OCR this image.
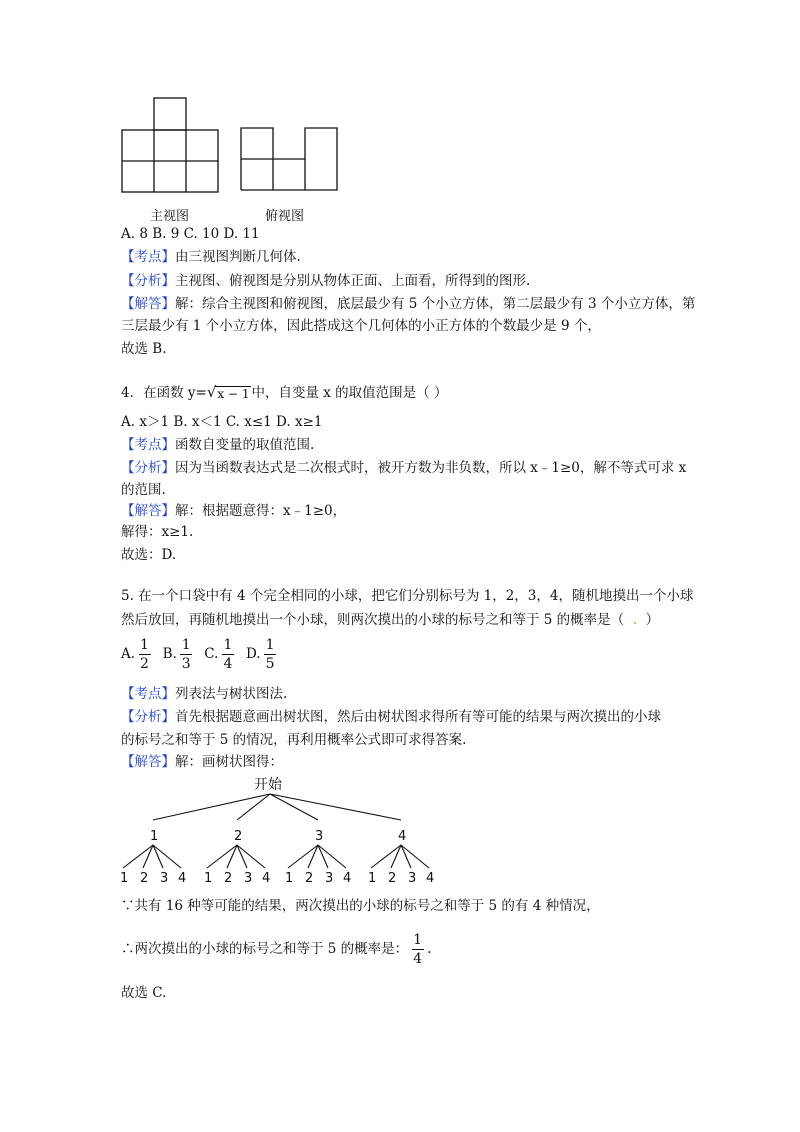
主视图	俯视图
A. 8 B. 9 C. 10 D. 11
【考点】由三视图判断几何体.
【分析】主视图、俯视图是分别从物体正面、上面看，所得到的图形.
【解答】解：综合主视图和俯视图，底层最少有 5 个小立方体，第二层最少有 3 个小立方体，第
三层最少有 1 个小立方体，因此搭成这个几何体的小正方体的个数最少是 9 个，
故选 B.
4．在函数 y=√x − 1 中，自变量 x 的取值范围是（ ）
A. x＞1 B. x＜1 C. x≤1 D. x≥1
【考点】函数自变量的取值范围.
【分析】因为当函数表达式是二次根式时，被开方数为非负数，所以 x﹣1≥0，解不等式可求 x
的范围.
【解答】解：根据题意得：x﹣1≥0，
解得：x≥1.
故选：D.
5. 在一个口袋中有 4 个完全相同的小球，把它们分别标号为 1，2，3，4，随机地摸出一个小球
然后放回，再随机地摸出一个小球，则两次摸出的小球的标号之和等于 5 的概率是（  .  ）
A. $\frac{1}{2} B$. $\frac{1}{3} C$. $\frac{1}{4} D$. $\frac{1}{5}$
【考点】列表法与树状图法.
【分析】首先根据题意画出树状图，然后由树状图求得所有等可能的结果与两次摸出的小球
的标号之和等于 5 的情况，再利用概率公式即可求得答案.
【解答】解：画树状图得：
开始
1
1 2 3 4
2
1 2 3 4
3
1 2 3 4
4
1 2 3 4
∵共有 16 种等可能的结果，两次摸出的小球的标号之和等于 5 的有 4 种情况，
∴两次摸出的小球的标号之和等于 5 的概率是： $\frac{1}{4}$ .
故选 C.
